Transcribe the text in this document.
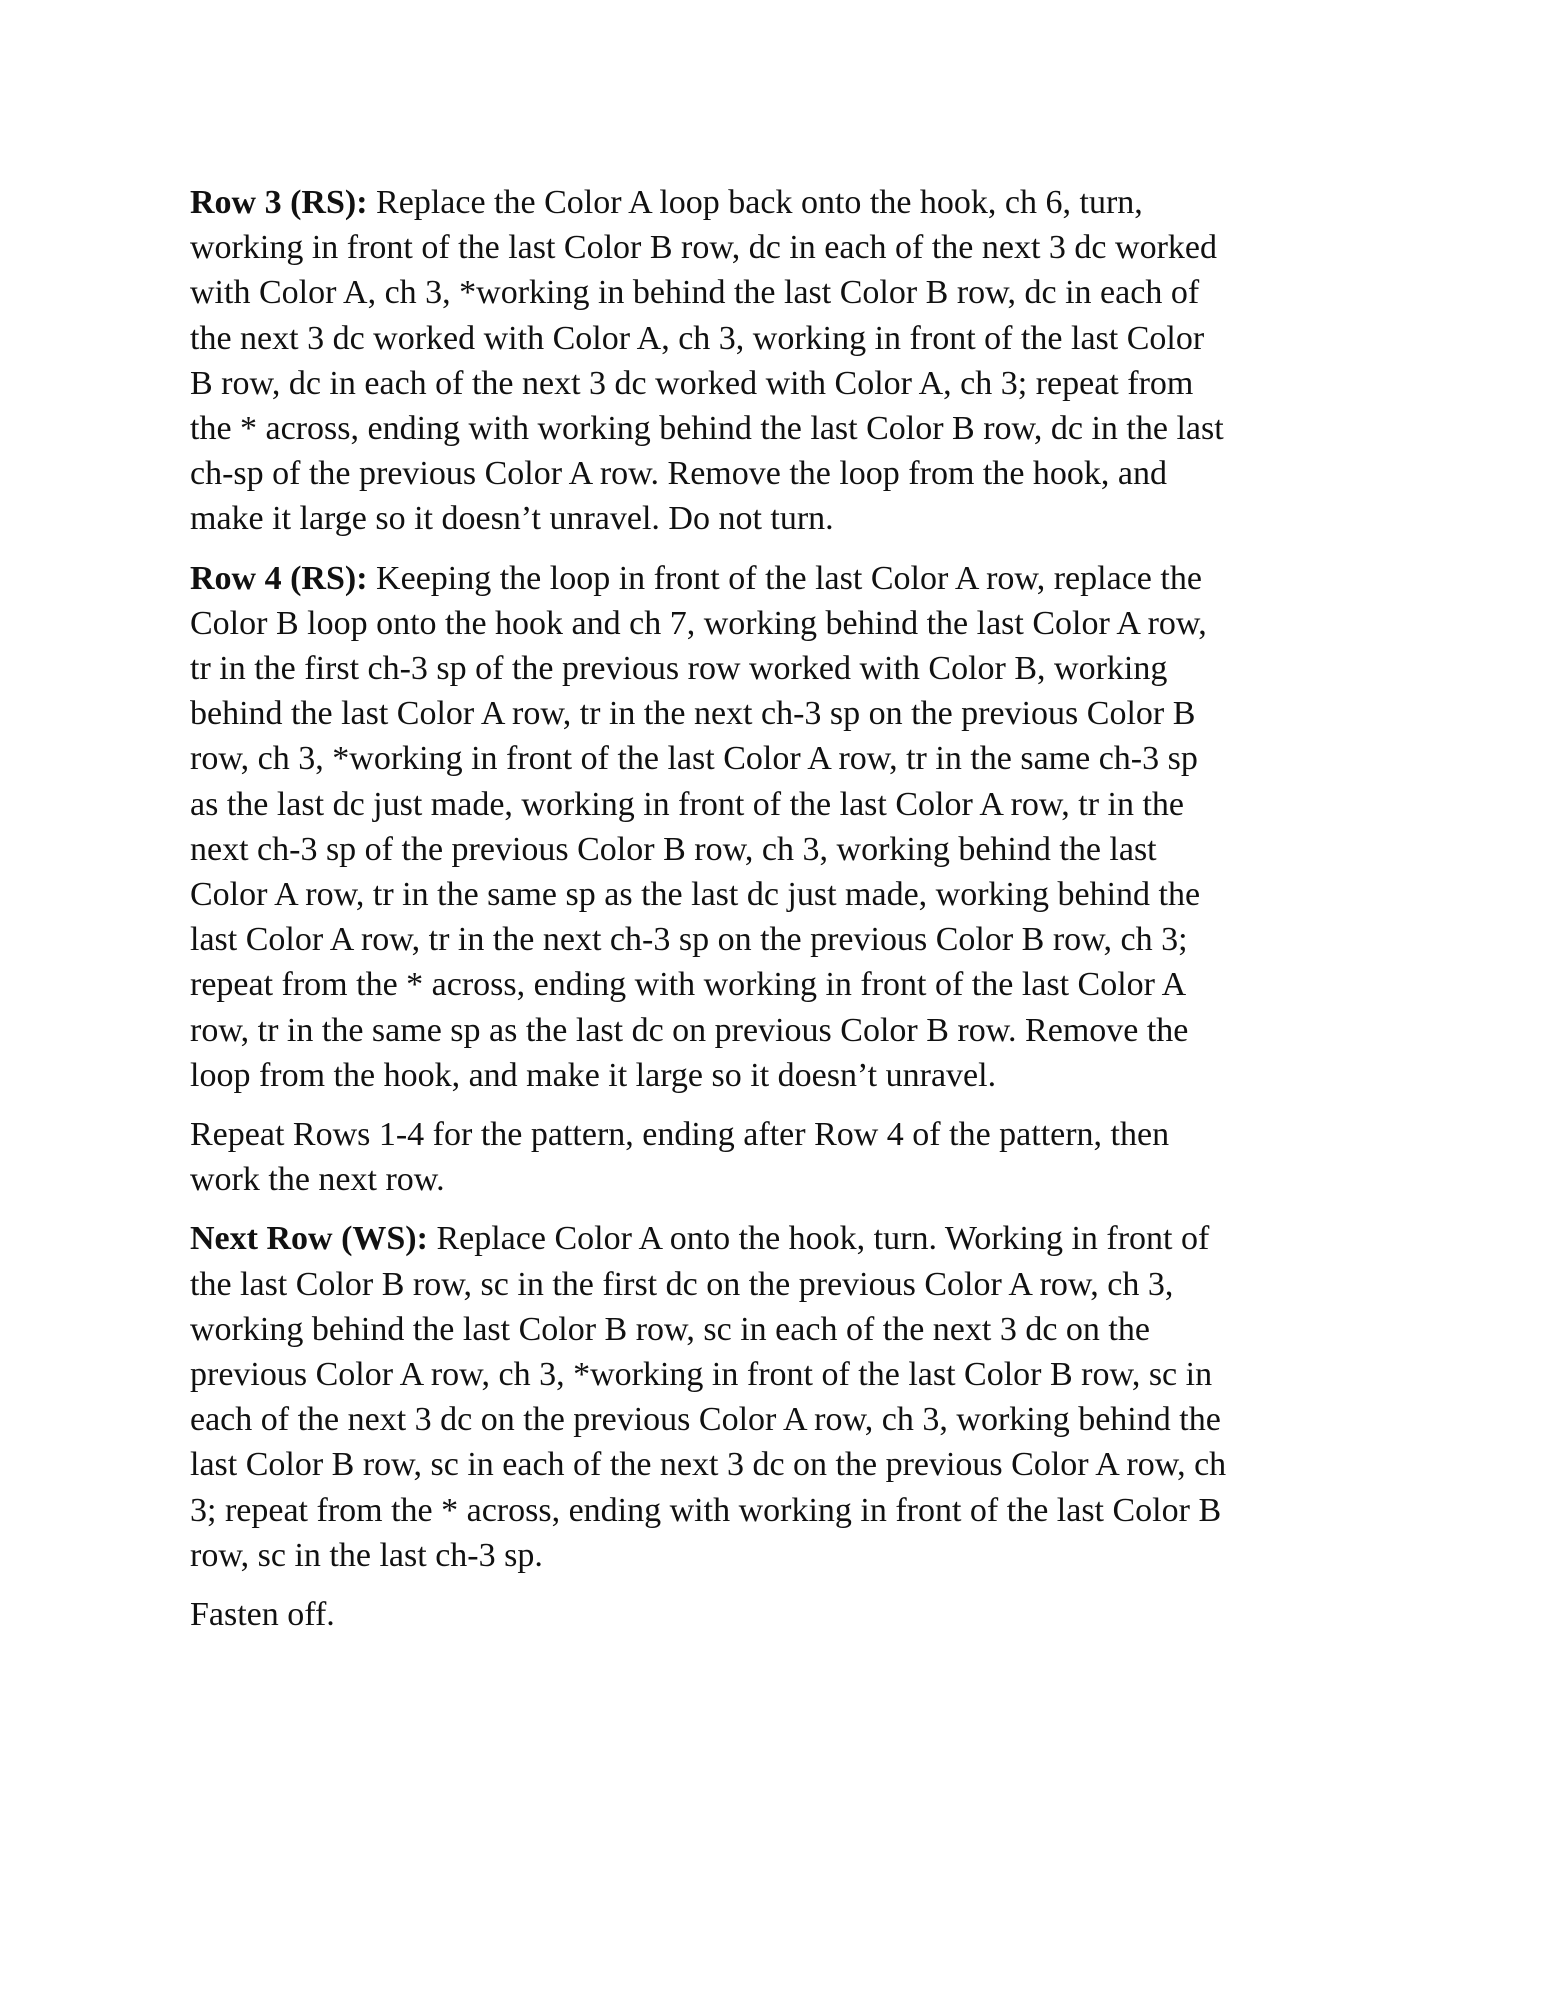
Row 3 (RS): Replace the Color A loop back onto the hook, ch 6, turn,
working in front of the last Color B row, dc in each of the next 3 dc worked
with Color A, ch 3, *working in behind the last Color B row, dc in each of
the next 3 dc worked with Color A, ch 3, working in front of the last Color
B row, dc in each of the next 3 dc worked with Color A, ch 3; repeat from
the * across, ending with working behind the last Color B row, dc in the last
ch-sp of the previous Color A row. Remove the loop from the hook, and
make it large so it doesn’t unravel. Do not turn.

Row 4 (RS): Keeping the loop in front of the last Color A row, replace the
Color B loop onto the hook and ch 7, working behind the last Color A row,
tr in the first ch-3 sp of the previous row worked with Color B, working
behind the last Color A row, tr in the next ch-3 sp on the previous Color B
row, ch 3, *working in front of the last Color A row, tr in the same ch-3 sp
as the last dc just made, working in front of the last Color A row, tr in the
next ch-3 sp of the previous Color B row, ch 3, working behind the last
Color A row, tr in the same sp as the last dc just made, working behind the
last Color A row, tr in the next ch-3 sp on the previous Color B row, ch 3;
repeat from the * across, ending with working in front of the last Color A
row, tr in the same sp as the last dc on previous Color B row. Remove the
loop from the hook, and make it large so it doesn’t unravel.

Repeat Rows 1-4 for the pattern, ending after Row 4 of the pattern, then
work the next row.

Next Row (WS): Replace Color A onto the hook, turn. Working in front of
the last Color B row, sc in the first dc on the previous Color A row, ch 3,
working behind the last Color B row, sc in each of the next 3 dc on the
previous Color A row, ch 3, *working in front of the last Color B row, sc in
each of the next 3 dc on the previous Color A row, ch 3, working behind the
last Color B row, sc in each of the next 3 dc on the previous Color A row, ch
3; repeat from the * across, ending with working in front of the last Color B
row, sc in the last ch-3 sp.

Fasten off.
